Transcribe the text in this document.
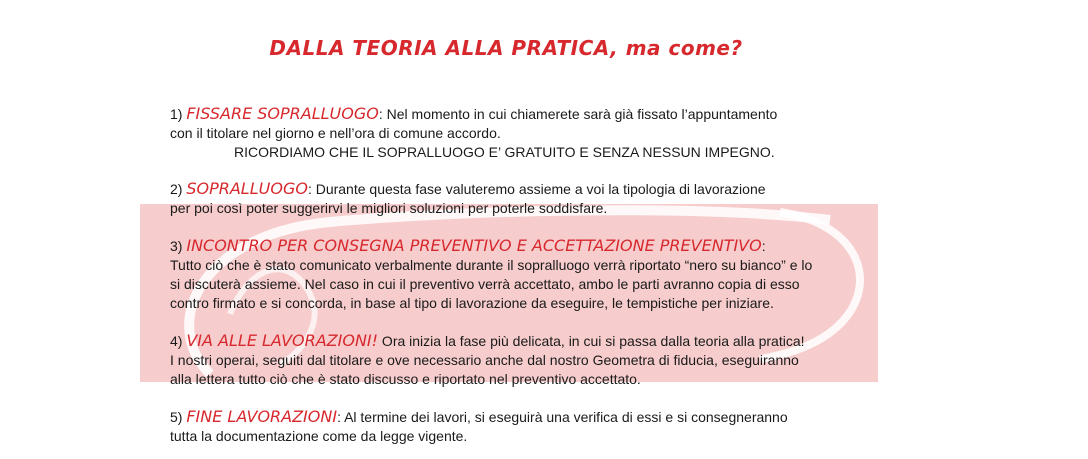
DALLA TEORIA ALLA PRATICA, ma come?
1) FISSARE SOPRALLUOGO: Nel momento in cui chiamerete sarà già fissato l’appuntamento
con il titolare nel giorno e nell’ora di comune accordo.
RICORDIAMO CHE IL SOPRALLUOGO E’ GRATUITO E SENZA NESSUN IMPEGNO.
2) SOPRALLUOGO: Durante questa fase valuteremo assieme a voi la tipologia di lavorazione
per poi così poter suggerirvi le migliori soluzioni per poterle soddisfare.
3) INCONTRO PER CONSEGNA PREVENTIVO E ACCETTAZIONE PREVENTIVO:
Tutto ciò che è stato comunicato verbalmente durante il sopralluogo verrà riportato “nero su bianco” e lo
si discuterà assieme. Nel caso in cui il preventivo verrà accettato, ambo le parti avranno copia di esso
contro firmato e si concorda, in base al tipo di lavorazione da eseguire, le tempistiche per iniziare.
4) VIA ALLE LAVORAZIONI! Ora inizia la fase più delicata, in cui si passa dalla teoria alla pratica!
I nostri operai, seguiti dal titolare e ove necessario anche dal nostro Geometra di fiducia, eseguiranno
alla lettera tutto ciò che è stato discusso e riportato nel preventivo accettato.
5) FINE LAVORAZIONI: Al termine dei lavori, si eseguirà una verifica di essi e si consegneranno
tutta la documentazione come da legge vigente.
